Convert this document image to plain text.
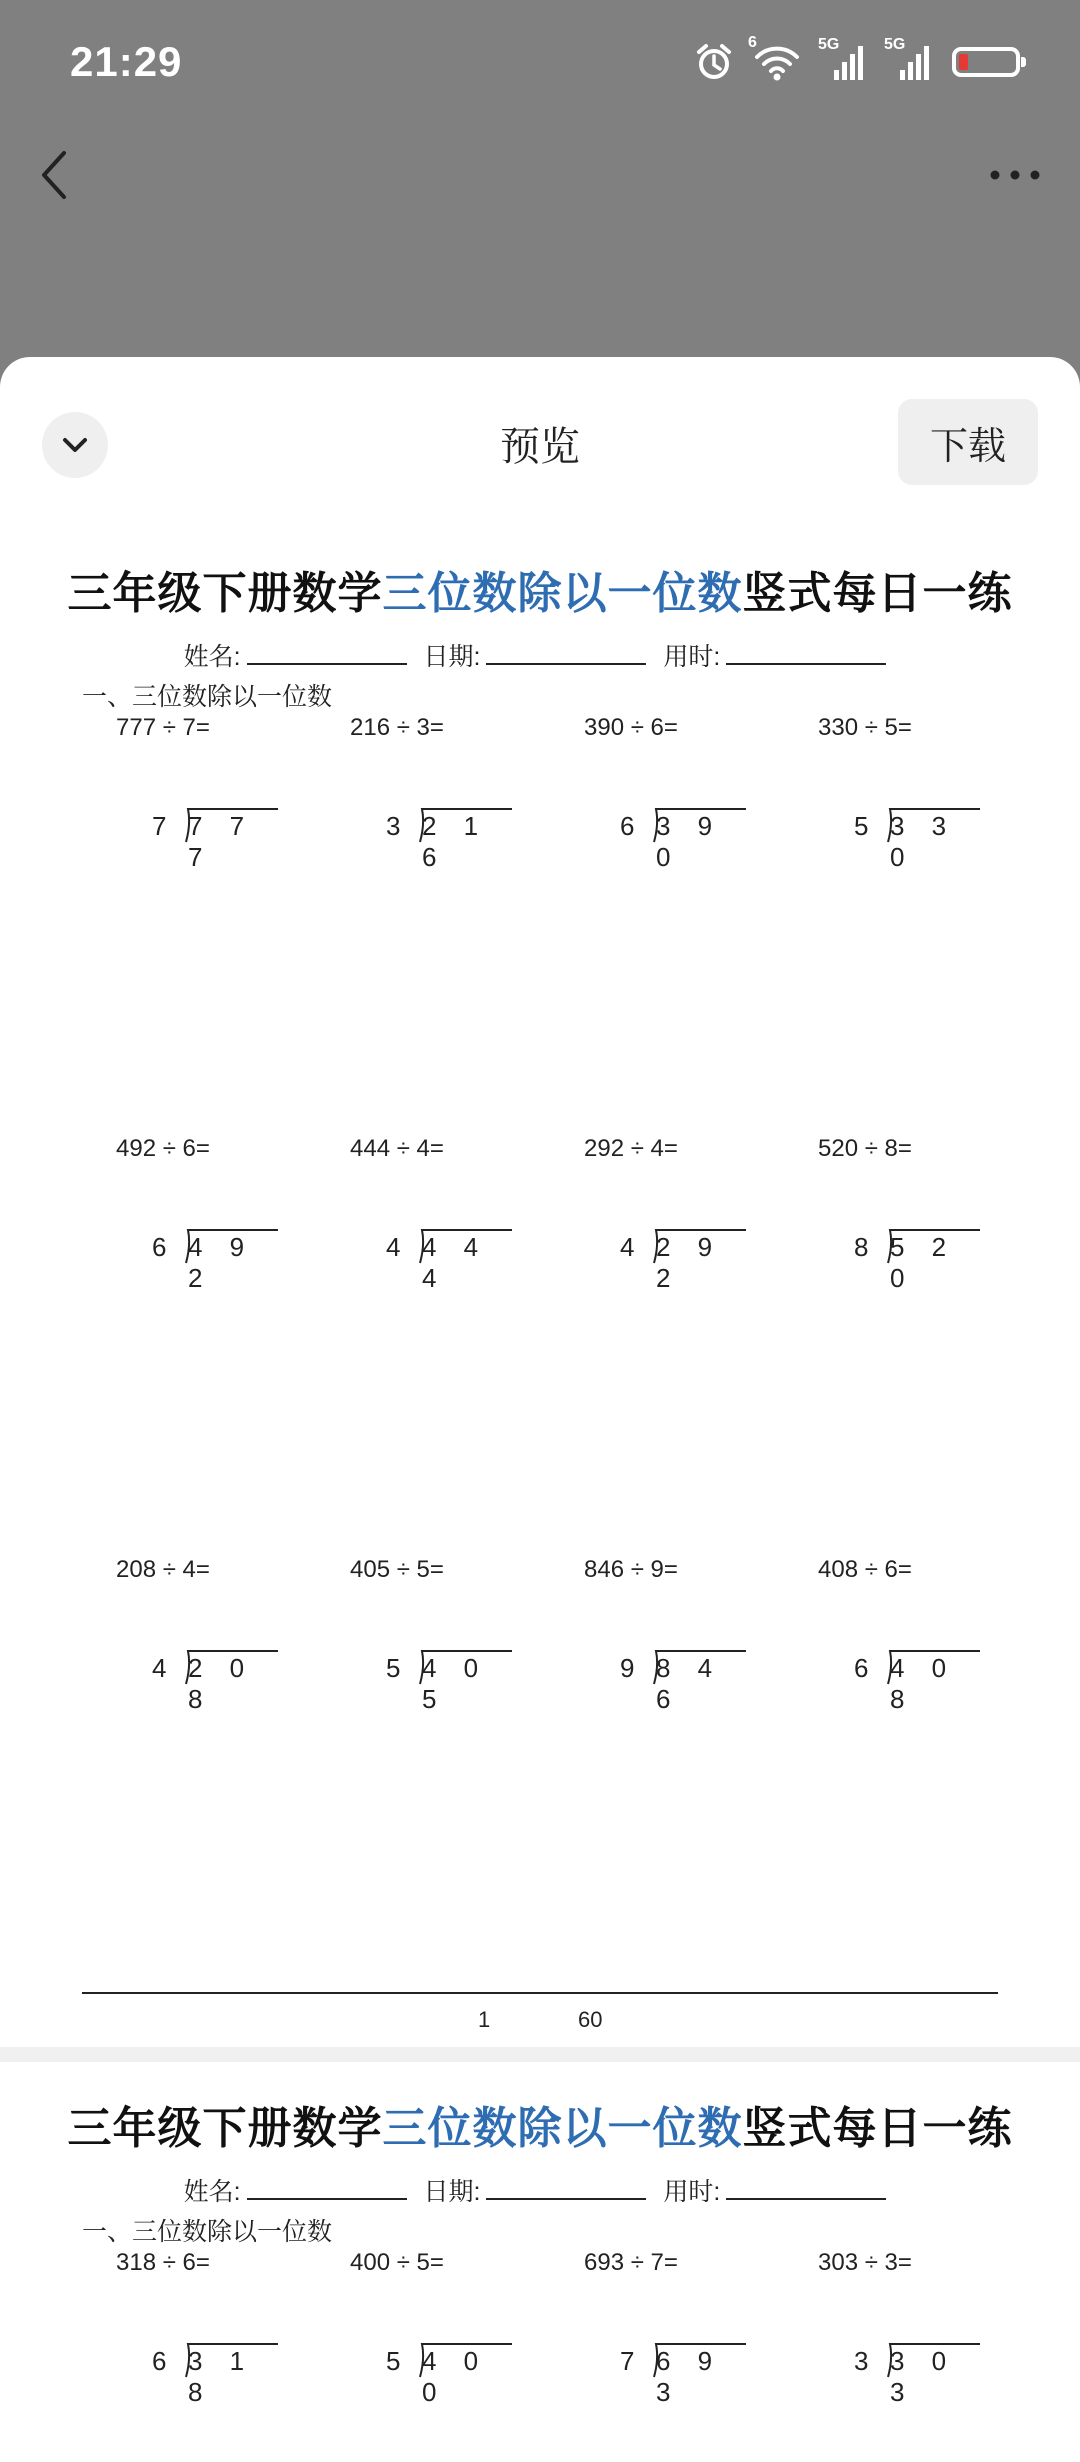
21:29	6	5G	5G
预览	下载
三年级下册数学三位数除以一位数竖式每日一练
姓名:	日期:	用时:
一、三位数除以一位数
777 ÷ 7=
7 7 7 7
216 ÷ 3=
3 2 1 6
390 ÷ 6=
6 3 9 0
330 ÷ 5=
5 3 3 0
492 ÷ 6=
6 4 9 2
444 ÷ 4=
4 4 4 4
292 ÷ 4=
4 2 9 2
520 ÷ 8=
8 5 2 0
208 ÷ 4=
4 2 0 8
405 ÷ 5=
5 4 0 5
846 ÷ 9=
9 8 4 6
408 ÷ 6=
6 4 0 8
1	60
三年级下册数学三位数除以一位数竖式每日一练
姓名:	日期:	用时:
一、三位数除以一位数
318 ÷ 6=
6 3 1 8
400 ÷ 5=
5 4 0 0
693 ÷ 7=
7 6 9 3
303 ÷ 3=
3 3 0 3
